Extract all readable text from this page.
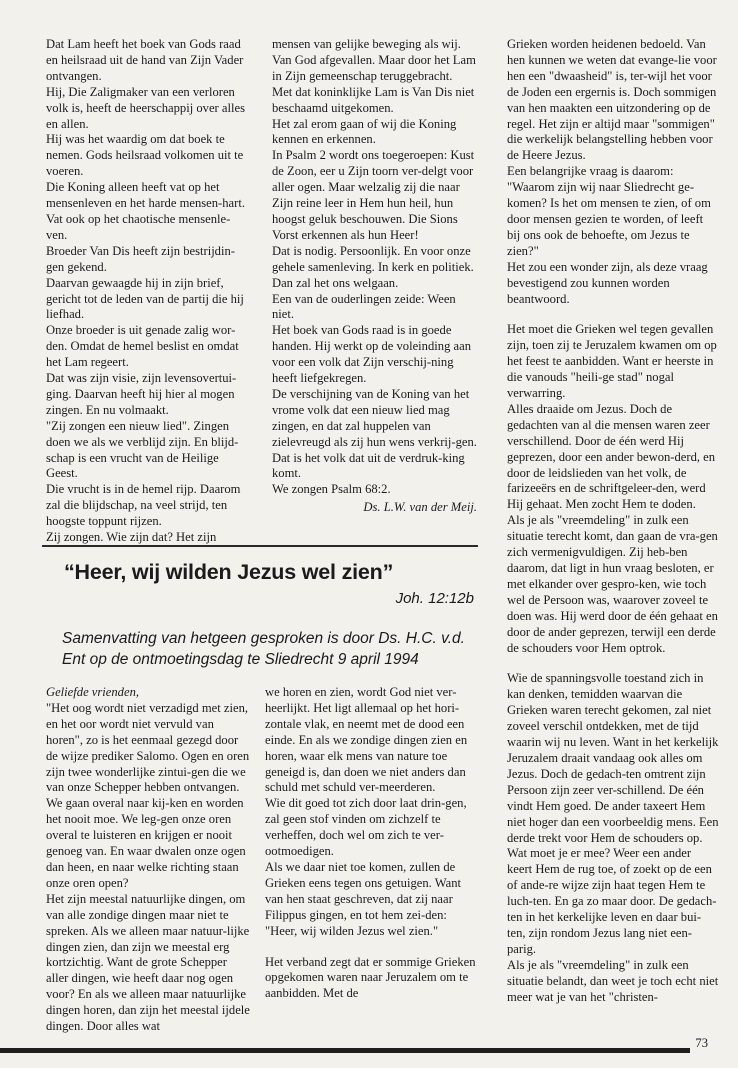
Dat Lam heeft het boek van Gods raad en heilsraad uit de hand van Zijn Vader ontvangen.

Hij, Die Zaligmaker van een verloren volk is, heeft de heerschappij over alles en allen.

Hij was het waardig om dat boek te nemen. Gods heilsraad volkomen uit te voeren.

Die Koning alleen heeft vat op het mensenleven en het harde mensen-hart.

Vat ook op het chaotische mensenle-ven.

Broeder Van Dis heeft zijn bestrijdin-gen gekend.

Daarvan gewaagde hij in zijn brief, gericht tot de leden van de partij die hij liefhad.

Onze broeder is uit genade zalig wor-den. Omdat de hemel beslist en omdat het Lam regeert.

Dat was zijn visie, zijn levensovertui-ging. Daarvan heeft hij hier al mogen zingen. En nu volmaakt.

"Zij zongen een nieuw lied". Zingen doen we als we verblijd zijn. En blijd-schap is een vrucht van de Heilige Geest.

Die vrucht is in de hemel rijp. Daarom zal die blijdschap, na veel strijd, ten hoogste toppunt rijzen.

Zij zongen. Wie zijn dat? Het zijn

mensen van gelijke beweging als wij. Van God afgevallen. Maar door het Lam in Zijn gemeenschap teruggebracht.

Met dat koninklijke Lam is Van Dis niet beschaamd uitgekomen.

Het zal erom gaan of wij die Koning kennen en erkennen.

In Psalm 2 wordt ons toegeroepen: Kust de Zoon, eer u Zijn toorn ver-delgt voor aller ogen. Maar welzalig zij die naar Zijn reine leer in Hem hun heil, hun hoogst geluk beschouwen. Die Sions Vorst erkennen als hun Heer!

Dat is nodig. Persoonlijk. En voor onze gehele samenleving. In kerk en politiek. Dan zal het ons welgaan.

Een van de ouderlingen zeide: Ween niet.

Het boek van Gods raad is in goede handen. Hij werkt op de voleinding aan voor een volk dat Zijn verschij-ning heeft liefgekregen.

De verschijning van de Koning van het vrome volk dat een nieuw lied mag zingen, en dat zal huppelen van zielevreugd als zij hun wens verkrij-gen. Dat is het volk dat uit de verdruk-king komt.

We zongen Psalm 68:2.

Ds. L.W. van der Meij.

Grieken worden heidenen bedoeld. Van hen kunnen we weten dat evange-lie voor hen een "dwaasheid" is, ter-wijl het voor de Joden een ergernis is. Doch sommigen van hen maakten een uitzondering op de regel. Het zijn er altijd maar "sommigen" die werkelijk belangstelling hebben voor de Heere Jezus.

Een belangrijke vraag is daarom: "Waarom zijn wij naar Sliedrecht ge-komen? Is het om mensen te zien, of om door mensen gezien te worden, of leeft bij ons ook de behoefte, om Jezus te zien?"

Het zou een wonder zijn, als deze vraag bevestigend zou kunnen worden beantwoord.

Het moet die Grieken wel tegen gevallen zijn, toen zij te Jeruzalem kwamen om op het feest te aanbidden. Want er heerste in die vanouds "heili-ge stad" nogal verwarring.

Alles draaide om Jezus. Doch de gedachten van al die mensen waren zeer verschillend. Door de één werd Hij geprezen, door een ander bewon-derd, en door de leidslieden van het volk, de farizeeërs en de schriftgeleer-den, werd Hij gehaat. Men zocht Hem te doden.

Als je als "vreemdeling" in zulk een situatie terecht komt, dan gaan de vra-gen zich vermenigvuldigen. Zij heb-ben daarom, dat ligt in hun vraag besloten, er met elkander over gespro-ken, wie toch wel de Persoon was, waarover zoveel te doen was. Hij werd door de één gehaat en door de ander geprezen, terwijl een derde de schouders voor Hem optrok.

Wie de spanningsvolle toestand zich in kan denken, temidden waarvan die Grieken waren terecht gekomen, zal niet zoveel verschil ontdekken, met de tijd waarin wij nu leven. Want in het kerkelijk Jeruzalem draait vandaag ook alles om Jezus. Doch de gedach-ten omtrent zijn Persoon zijn zeer ver-schillend. De één vindt Hem goed. De ander taxeert Hem niet hoger dan een voorbeeldig mens. Een derde trekt voor Hem de schouders op. Wat moet je er mee? Weer een ander keert Hem de rug toe, of zoekt op de een of ande-re wijze zijn haat tegen Hem te luch-ten. En ga zo maar door. De gedach-ten in het kerkelijke leven en daar bui-ten, zijn rondom Jezus lang niet een-parig.

Als je als "vreemdeling" in zulk een situatie belandt, dan weet je toch echt niet meer wat je van het "christen-

“Heer, wij wilden Jezus wel zien”
Joh. 12:12b

Samenvatting van hetgeen gesproken is door Ds. H.C. v.d. Ent op de ontmoetingsdag te Sliedrecht 9 april 1994

Geliefde vrienden,

"Het oog wordt niet verzadigd met zien, en het oor wordt niet vervuld van horen", zo is het eenmaal gezegd door de wijze prediker Salomo. Ogen en oren zijn twee wonderlijke zintui-gen die we van onze Schepper hebben ontvangen. We gaan overal naar kij-ken en worden het nooit moe. We leg-gen onze oren overal te luisteren en krijgen er nooit genoeg van. En waar dwalen onze ogen dan heen, en naar welke richting staan onze oren open?

Het zijn meestal natuurlijke dingen, om van alle zondige dingen maar niet te spreken. Als we alleen maar natuur-lijke dingen zien, dan zijn we meestal erg kortzichtig. Want de grote Schepper aller dingen, wie heeft daar nog ogen voor? En als we alleen maar natuurlijke dingen horen, dan zijn het meestal ijdele dingen. Door alles wat

we horen en zien, wordt God niet ver-heerlijkt. Het ligt allemaal op het hori-zontale vlak, en neemt met de dood een einde. En als we zondige dingen zien en horen, waar elk mens van nature toe geneigd is, dan doen we niet anders dan schuld met schuld ver-meerderen.

Wie dit goed tot zich door laat drin-gen, zal geen stof vinden om zichzelf te verheffen, doch wel om zich te ver-ootmoedigen.

Als we daar niet toe komen, zullen de Grieken eens tegen ons getuigen. Want van hen staat geschreven, dat zij naar Filippus gingen, en tot hem zei-den: "Heer, wij wilden Jezus wel zien."

Het verband zegt dat er sommige Grieken opgekomen waren naar Jeruzalem om te aanbidden. Met de

73
